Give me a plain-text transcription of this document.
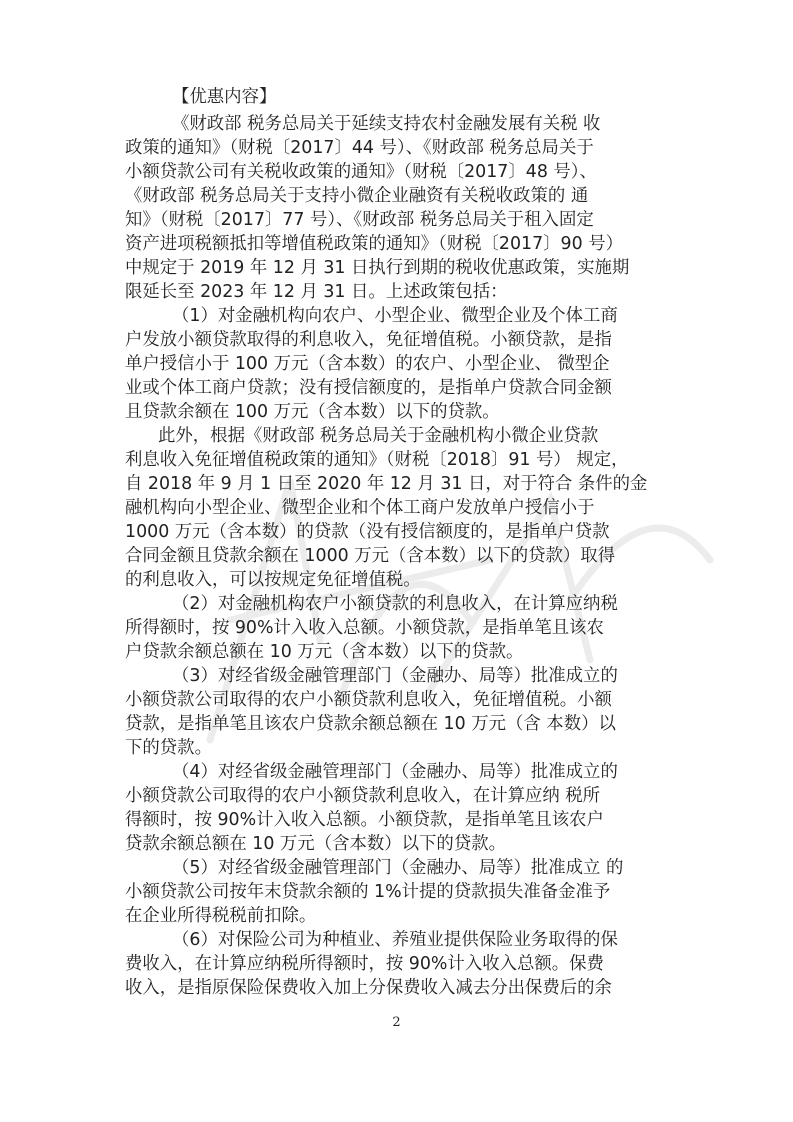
【优惠内容】
《财政部 税务总局关于延续支持农村金融发展有关税 收
政策的通知》（财税〔2017〕44 号）、《财政部 税务总局关于
小额贷款公司有关税收政策的通知》（财税〔2017〕48 号）、
《财政部 税务总局关于支持小微企业融资有关税收政策的 通
知》（财税〔2017〕77 号）、《财政部 税务总局关于租入固定
资产进项税额抵扣等增值税政策的通知》（财税〔2017〕90 号）
中规定于 2019 年 12 月 31 日执行到期的税收优惠政策，实施期
限延长至 2023 年 12 月 31 日。上述政策包括：
（1）对金融机构向农户、小型企业、微型企业及个体工商
户发放小额贷款取得的利息收入，免征增值税。小额贷款，是指
单户授信小于 100 万元（含本数）的农户、小型企业、 微型企
业或个体工商户贷款；没有授信额度的，是指单户贷款合同金额
且贷款余额在 100 万元（含本数）以下的贷款。
此外，根据《财政部 税务总局关于金融机构小微企业贷款
利息收入免征增值税政策的通知》（财税〔2018〕91 号） 规定，
自 2018 年 9 月 1 日至 2020 年 12 月 31 日，对于符合 条件的金
融机构向小型企业、微型企业和个体工商户发放单户授信小于
1000 万元（含本数）的贷款（没有授信额度的，是指单户贷款
合同金额且贷款余额在 1000 万元（含本数）以下的贷款）取得
的利息收入，可以按规定免征增值税。
（2）对金融机构农户小额贷款的利息收入，在计算应纳税
所得额时，按 90%计入收入总额。小额贷款，是指单笔且该农
户贷款余额总额在 10 万元（含本数）以下的贷款。
（3）对经省级金融管理部门（金融办、局等）批准成立的
小额贷款公司取得的农户小额贷款利息收入，免征增值税。小额
贷款，是指单笔且该农户贷款余额总额在 10 万元（含 本数）以
下的贷款。
（4）对经省级金融管理部门（金融办、局等）批准成立的
小额贷款公司取得的农户小额贷款利息收入，在计算应纳 税所
得额时，按 90%计入收入总额。小额贷款，是指单笔且该农户
贷款余额总额在 10 万元（含本数）以下的贷款。
（5）对经省级金融管理部门（金融办、局等）批准成立 的
小额贷款公司按年末贷款余额的 1%计提的贷款损失准备金准予
在企业所得税税前扣除。
（6）对保险公司为种植业、养殖业提供保险业务取得的保
费收入，在计算应纳税所得额时，按 90%计入收入总额。保费
收入，是指原保险保费收入加上分保费收入减去分出保费后的余
2
